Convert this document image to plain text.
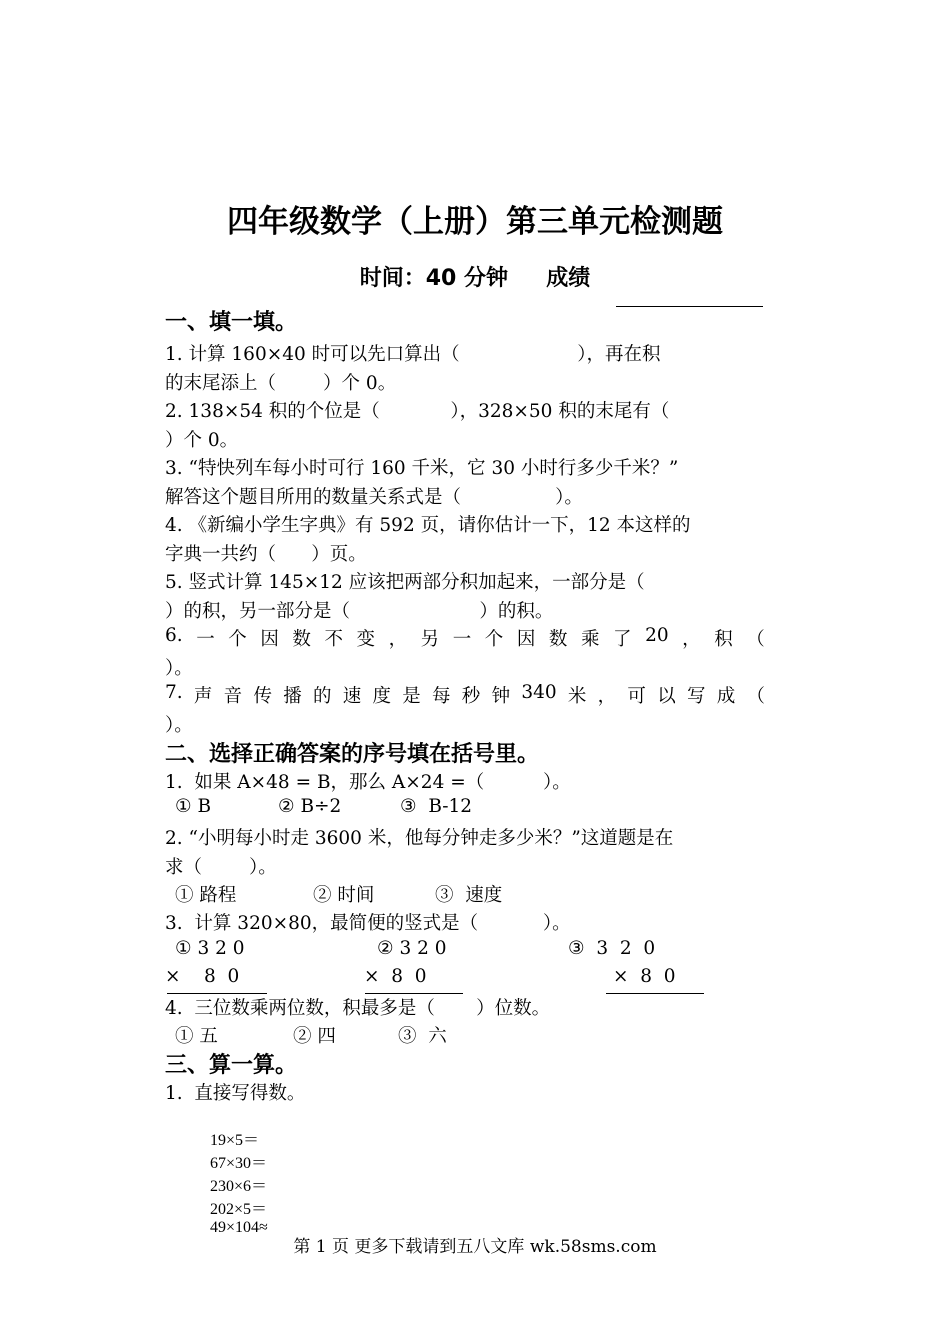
四年级数学（上册）第三单元检测题
时间：40 分钟     成绩
一、填一填。
1. 计算 160×40 时可以先口算出（                    ），再在积
的末尾添上（        ）个 0。
2. 138×54 积的个位是（            ），328×50 积的末尾有（
）个 0。
3. “特快列车每小时可行 160 千米，它 30 小时行多少千米？”
解答这个题目所用的数量关系式是（                ）。
4. 《新编小学生字典》有 592 页，请你估计一下，12 本这样的
字典一共约（      ）页。
5. 竖式计算 145×12 应该把两部分积加起来，一部分是（
）的积，另一部分是（                      ）的积。
6. 一 个 因 数 不 变 ， 另 一 个 因 数 乘 了 20 ， 积 （
）。
7. 声 音 传 播 的 速 度 是 每 秒 钟 340 米 ， 可 以 写 成 （
）。
二、选择正确答案的序号填在括号里。
1.  如果 A×48 = B，那么 A×24 =（          ）。
① B	② B÷2	③  B-12
2. “小明每小时走 3600 米，他每分钟走多少米？”这道题是在
求（        ）。
① 路程	② 时间	③  速度
3.  计算 320×80，最简便的竖式是（           ）。
① 3 2 0	② 3 2 0	③  3  2  0
×    8  0	×  8  0	×  8  0
4.  三位数乘两位数，积最多是（       ）位数。
① 五	② 四	③  六
三、算一算。
1.  直接写得数。

19×5＝
67×30＝
230×6＝
202×5＝
49×104≈

第 1 页 更多下载请到五八文库 wk.58sms.com
